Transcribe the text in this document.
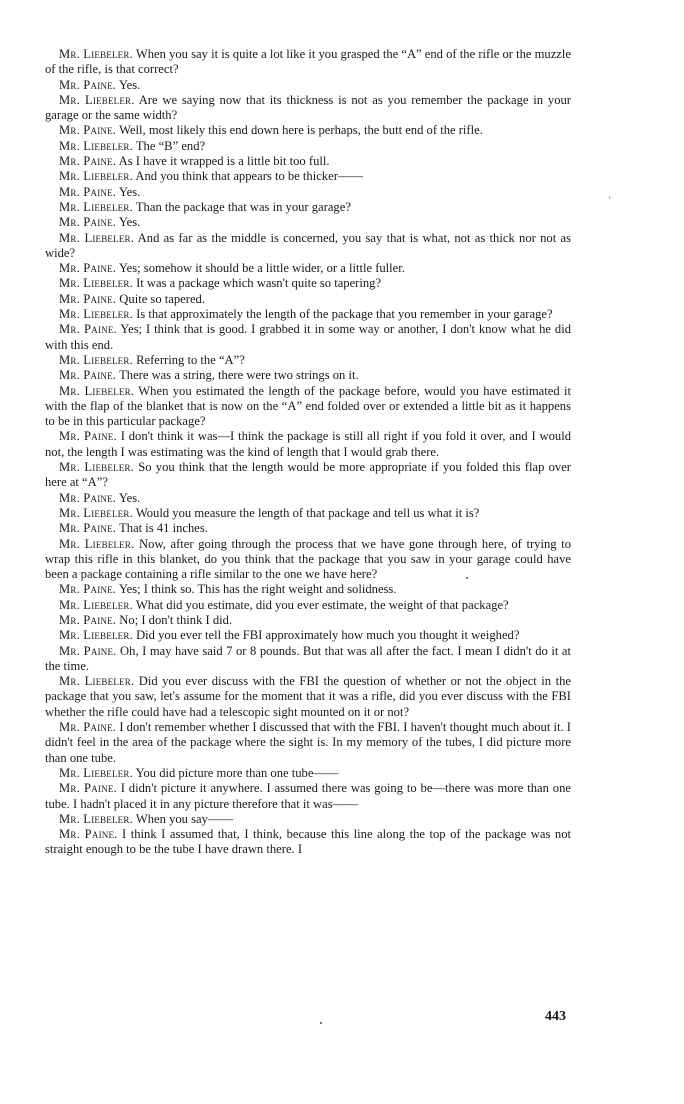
Mr. Liebeler. When you say it is quite a lot like it you grasped the “A” end of the rifle or the muzzle of the rifle, is that correct?

Mr. Paine. Yes.

Mr. Liebeler. Are we saying now that its thickness is not as you remember the package in your garage or the same width?

Mr. Paine. Well, most likely this end down here is perhaps, the butt end of the rifle.

Mr. Liebeler. The “B” end?

Mr. Paine. As I have it wrapped is a little bit too full.

Mr. Liebeler. And you think that appears to be thicker——

Mr. Paine. Yes.

Mr. Liebeler. Than the package that was in your garage?

Mr. Paine. Yes.

Mr. Liebeler. And as far as the middle is concerned, you say that is what, not as thick nor not as wide?

Mr. Paine. Yes; somehow it should be a little wider, or a little fuller.

Mr. Liebeler. It was a package which wasn't quite so tapering?

Mr. Paine. Quite so tapered.

Mr. Liebeler. Is that approximately the length of the package that you remember in your garage?

Mr. Paine. Yes; I think that is good. I grabbed it in some way or another, I don't know what he did with this end.

Mr. Liebeler. Referring to the “A”?

Mr. Paine. There was a string, there were two strings on it.

Mr. Liebeler. When you estimated the length of the package before, would you have estimated it with the flap of the blanket that is now on the “A” end folded over or extended a little bit as it happens to be in this particular package?

Mr. Paine. I don't think it was—I think the package is still all right if you fold it over, and I would not, the length I was estimating was the kind of length that I would grab there.

Mr. Liebeler. So you think that the length would be more appropriate if you folded this flap over here at “A”?

Mr. Paine. Yes.

Mr. Liebeler. Would you measure the length of that package and tell us what it is?

Mr. Paine. That is 41 inches.

Mr. Liebeler. Now, after going through the process that we have gone through here, of trying to wrap this rifle in this blanket, do you think that the package that you saw in your garage could have been a package containing a rifle similar to the one we have here?

Mr. Paine. Yes; I think so. This has the right weight and solidness.

Mr. Liebeler. What did you estimate, did you ever estimate, the weight of that package?

Mr. Paine. No; I don't think I did.

Mr. Liebeler. Did you ever tell the FBI approximately how much you thought it weighed?

Mr. Paine. Oh, I may have said 7 or 8 pounds. But that was all after the fact. I mean I didn't do it at the time.

Mr. Liebeler. Did you ever discuss with the FBI the question of whether or not the object in the package that you saw, let's assume for the moment that it was a rifle, did you ever discuss with the FBI whether the rifle could have had a telescopic sight mounted on it or not?

Mr. Paine. I don't remember whether I discussed that with the FBI. I haven't thought much about it. I didn't feel in the area of the package where the sight is. In my memory of the tubes, I did picture more than one tube.

Mr. Liebeler. You did picture more than one tube——

Mr. Paine. I didn't picture it anywhere. I assumed there was going to be—there was more than one tube. I hadn't placed it in any picture therefore that it was——

Mr. Liebeler. When you say——

Mr. Paine. I think I assumed that, I think, because this line along the top of the package was not straight enough to be the tube I have drawn there. I

443
‘
